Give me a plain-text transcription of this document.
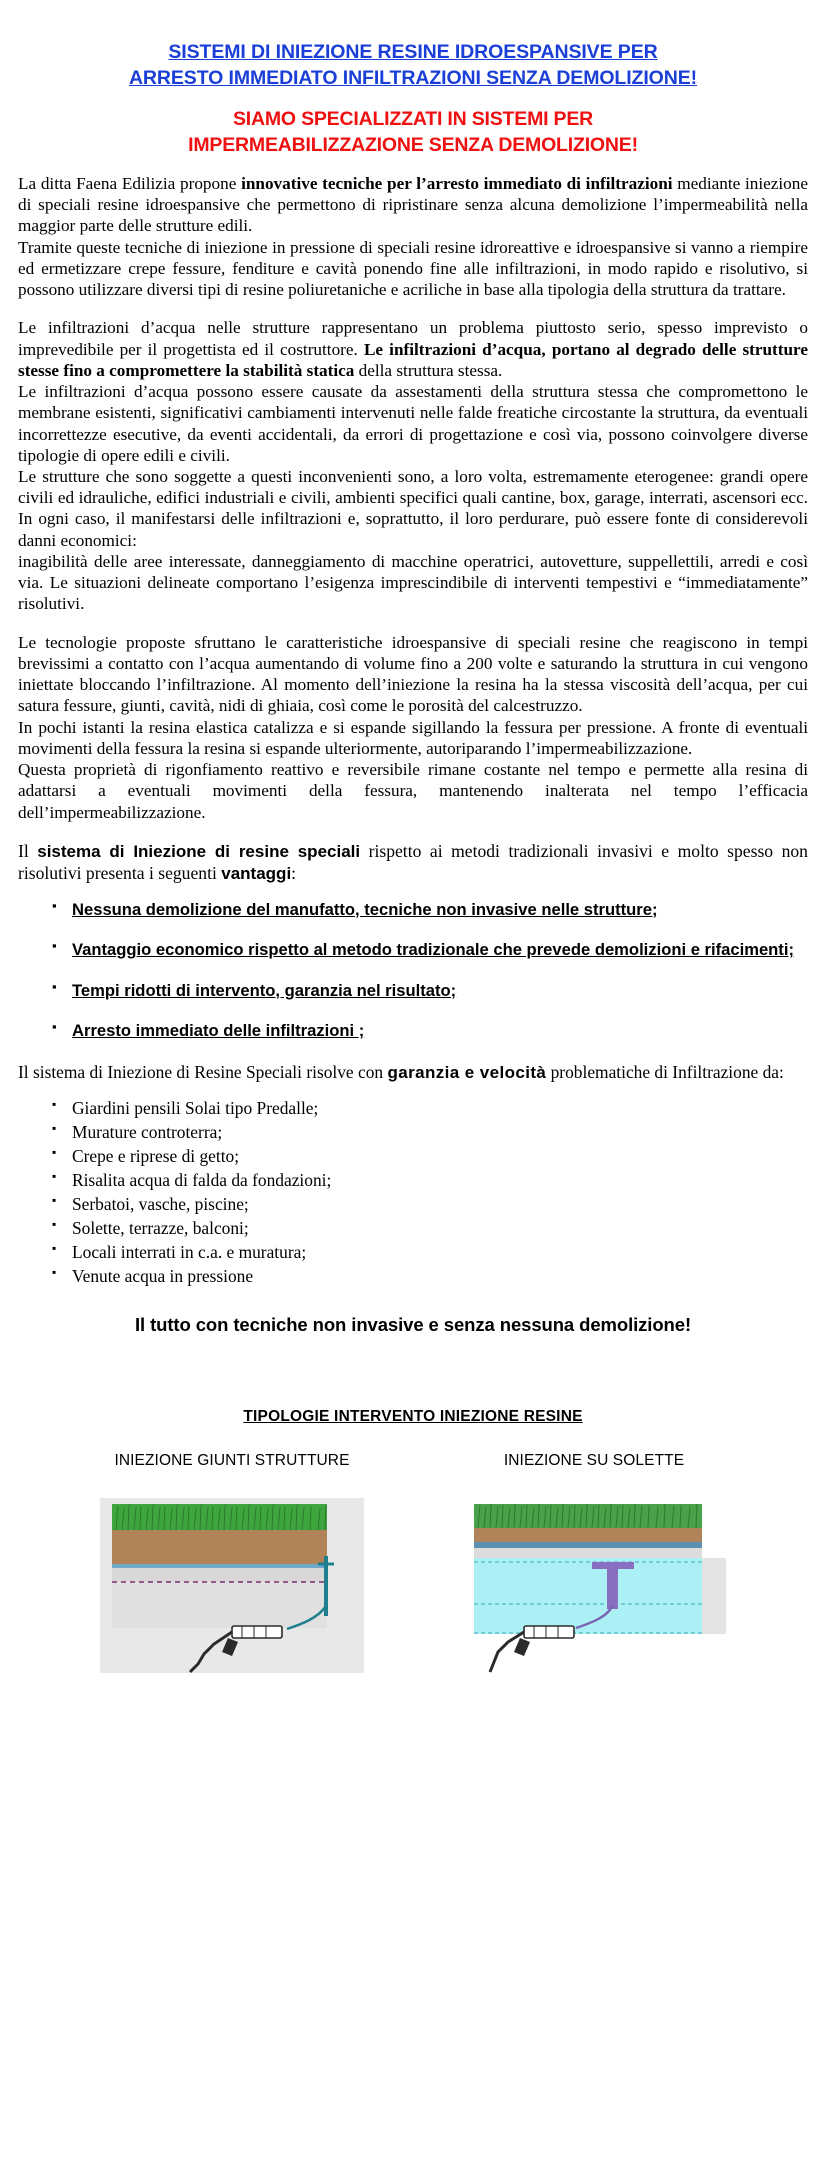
SISTEMI DI INIEZIONE RESINE IDROESPANSIVE PER
ARRESTO IMMEDIATO INFILTRAZIONI SENZA DEMOLIZIONE!
SIAMO SPECIALIZZATI IN SISTEMI PER
IMPERMEABILIZZAZIONE SENZA DEMOLIZIONE!

La ditta Faena Edilizia propone innovative tecniche per l’arresto immediato di infiltrazioni mediante iniezione di speciali resine idroespansive che permettono di ripristinare senza alcuna demolizione l’impermeabilità nella maggior parte delle strutture edili.

Tramite queste tecniche di iniezione in pressione di speciali resine idroreattive e idroespansive si vanno a riempire ed ermetizzare crepe fessure, fenditure e cavità ponendo fine alle infiltrazioni, in modo rapido e risolutivo, si possono utilizzare diversi tipi di resine poliuretaniche e acriliche in base alla tipologia della struttura da trattare.

Le infiltrazioni d’acqua nelle strutture rappresentano un problema piuttosto serio, spesso imprevisto o imprevedibile per il progettista ed il costruttore. Le infiltrazioni d’acqua, portano al degrado delle strutture stesse fino a compromettere la stabilità statica della struttura stessa.

Le infiltrazioni d’acqua possono essere causate da assestamenti della struttura stessa che compromettono le membrane esistenti, significativi cambiamenti intervenuti nelle falde freatiche circostante la struttura, da eventuali incorrettezze esecutive, da eventi accidentali, da errori di progettazione e così via, possono coinvolgere diverse tipologie di opere edili e civili.

Le strutture che sono soggette a questi inconvenienti sono, a loro volta, estremamente eterogenee: grandi opere civili ed idrauliche, edifici industriali e civili, ambienti specifici quali cantine, box, garage, interrati, ascensori ecc. In ogni caso, il manifestarsi delle infiltrazioni e, soprattutto, il loro perdurare, può essere fonte di considerevoli danni economici:

inagibilità delle aree interessate, danneggiamento di macchine operatrici, autovetture, suppellettili, arredi e così via. Le situazioni delineate comportano l’esigenza imprescindibile di interventi tempestivi e “immediatamente” risolutivi.

Le tecnologie proposte sfruttano le caratteristiche idroespansive di speciali resine che reagiscono in tempi brevissimi a contatto con l’acqua aumentando di volume fino a 200 volte e saturando la struttura in cui vengono iniettate bloccando l’infiltrazione. Al momento dell’iniezione la resina ha la stessa viscosità dell’acqua, per cui satura fessure, giunti, cavità, nidi di ghiaia, così come le porosità del calcestruzzo.

In pochi istanti la resina elastica catalizza e si espande sigillando la fessura per pressione. A fronte di eventuali movimenti della fessura la resina si espande ulteriormente, autoriparando l’impermeabilizzazione.

Questa proprietà di rigonfiamento reattivo e reversibile rimane costante nel tempo e permette alla resina di adattarsi a eventuali movimenti della fessura, mantenendo inalterata nel tempo l’efficacia dell’impermeabilizzazione.

Il sistema di Iniezione di resine speciali rispetto ai metodi tradizionali invasivi e molto spesso non risolutivi presenta i seguenti vantaggi:
▪ Nessuna demolizione del manufatto, tecniche non invasive nelle strutture;
▪ Vantaggio economico rispetto al metodo tradizionale che prevede demolizioni e rifacimenti;
▪ Tempi ridotti di intervento, garanzia nel risultato;
▪ Arresto immediato delle infiltrazioni ;
Il sistema di Iniezione di Resine Speciali risolve con garanzia e velocità problematiche di Infiltrazione da:
▪ Giardini pensili Solai tipo Predalle;
▪ Murature controterra;
▪ Crepe e riprese di getto;
▪ Risalita acqua di falda da fondazioni;
▪ Serbatoi, vasche, piscine;
▪ Solette, terrazze, balconi;
▪ Locali interrati in c.a. e muratura;
▪ Venute acqua in pressione
Il tutto con tecniche non invasive e senza nessuna demolizione!
TIPOLOGIE INTERVENTO INIEZIONE RESINE
INIEZIONE GIUNTI STRUTTURE	INIEZIONE SU SOLETTE
